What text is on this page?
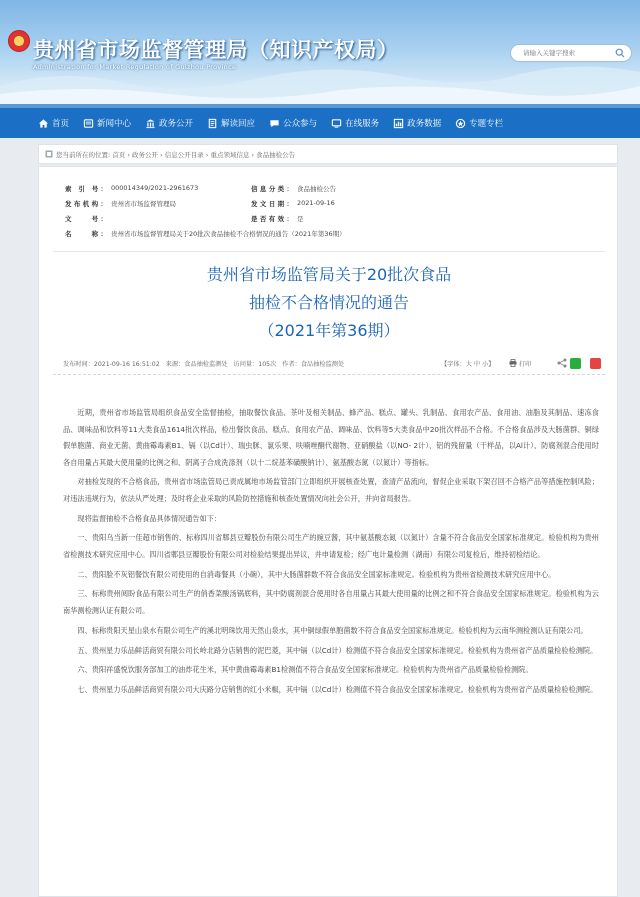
贵州省市场监督管理局（知识产权局）
Administration for Market Regulation of Guizhou Province
请输入关键字搜索
首页	新闻中心	政务公开	解读回应	公众参与	在线服务	政务数据	专题专栏
您当前所在的位置: 首页 › 政务公开 › 信息公开目录 › 重点领域信息 › 食品抽检公告
索 引 号： 000014349/2021-2961673	信息分类： 食品抽检公告
发布机构： 贵州省市场监督管理局	发文日期： 2021-09-16
文　　号：	是否有效： 是
名　　称： 贵州省市场监督管理局关于20批次食品抽检不合格情况的通告（2021年第36期）
贵州省市场监管局关于20批次食品
抽检不合格情况的通告
（2021年第36期）
发布时间：2021-09-16 16:51:02 来源：食品抽检监测处 访问量：105次 作者：食品抽检监测处	【字体：大 中 小】	打印

近期，贵州省市场监管局组织食品安全监督抽检，抽取餐饮食品、茶叶及相关制品、蜂产品、糕点、罐头、乳制品、食用农产品、食用油、油脂及其制品、速冻食品、调味品和饮料等11大类食品1614批次样品，检出餐饮食品、糕点、食用农产品、调味品、饮料等5大类食品中20批次样品不合格。不合格食品涉及大肠菌群、铜绿假单胞菌、商业无菌、黄曲霉毒素B1、镉（以Cd计）、瑞虫脒、氯乐果、呋喃唑酮代谢物、亚硝酸盐（以NO- 2计）、铝的残留量（干样品，以Al计）、防腐剂混合使用时各自用量占其最大使用量的比例之和、阴离子合成洗涤剂（以十二烷基苯磺酸钠计）、氨基酸态氮（以氮计）等指标。

对抽检发现的不合格食品，贵州省市场监管局已责成属地市场监管部门立即组织开展核查处置，查清产品流向，督促企业采取下架召回不合格产品等措施控制风险；对违法违规行为，依法从严处理；及时将企业采取的风险防控措施和核查处置情况向社会公开，并向省局报告。

现将监督抽检不合格食品具体情况通告如下：

一、贵阳乌当新一佳超市销售的、标称四川省郫县豆瓣股份有限公司生产的豌豆酱，其中氨基酸态氮（以氮计）含量不符合食品安全国家标准规定。检验机构为贵州省检测技术研究应用中心。四川省郫县豆瓣股份有限公司对检验结果提出异议，并申请复检；经广电计量检测（湖南）有限公司复检后，维持初检结论。

二、贵阳脸不灰铝餐饮有限公司使用的自消毒餐具（小碗），其中大肠菌群数不符合食品安全国家标准规定。检验机构为贵州省检测技术研究应用中心。

三、标称贵州阅盼食品有限公司生产的俏香菜酸汤锅底料，其中防腐剂混合使用时各自用量占其最大使用量的比例之和不符合食品安全国家标准规定。检验机构为云南华测检测认证有限公司。

四、标称贵阳天星山泉水有限公司生产的溪北明珠饮用天然山泉水，其中铜绿假单胞菌数不符合食品安全国家标准规定。检验机构为云南华测检测认证有限公司。

五、贵州星力乐品鲜活商贸有限公司长岭北路分店销售的泥巴菱，其中镉（以Cd计）检测值不符合食品安全国家标准规定。检验机构为贵州省产品质量检验检测院。

六、贵阳祥盛悦饮服务部加工的油炸花生米，其中黄曲霉毒素B1检测值不符合食品安全国家标准规定。检验机构为贵州省产品质量检验检测院。

七、贵州星力乐品鲜活商贸有限公司大庆路分店销售的红小米椒，其中镉（以Cd计）检测值不符合食品安全国家标准规定。检验机构为贵州省产品质量检验检测院。
